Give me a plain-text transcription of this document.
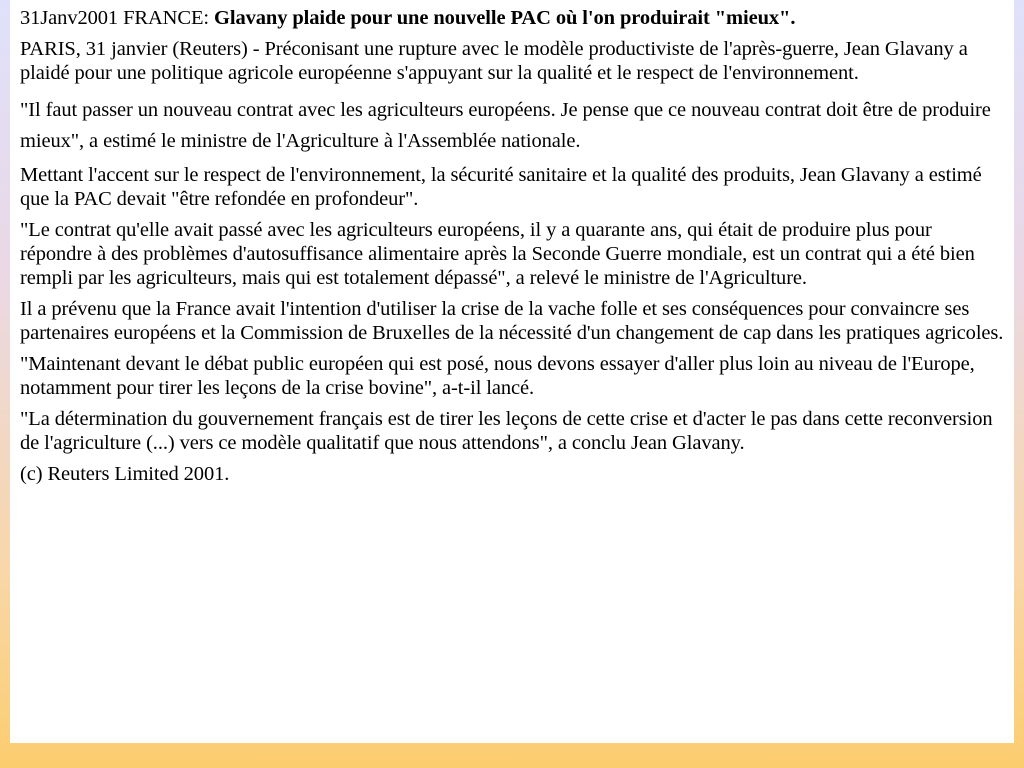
31Janv2001 FRANCE: Glavany plaide pour une nouvelle PAC où l'on produirait "mieux".

PARIS, 31 janvier (Reuters) - Préconisant une rupture avec le modèle productiviste de l'après-guerre, Jean Glavany a plaidé pour une politique agricole européenne s'appuyant sur la qualité et le respect de l'environnement.

"Il faut passer un nouveau contrat avec les agriculteurs européens. Je pense que ce nouveau contrat doit être de produire mieux", a estimé le ministre de l'Agriculture à l'Assemblée nationale.

Mettant l'accent sur le respect de l'environnement, la sécurité sanitaire et la qualité des produits, Jean Glavany a estimé que la PAC devait "être refondée en profondeur".

"Le contrat qu'elle avait passé avec les agriculteurs européens, il y a quarante ans, qui était de produire plus pour répondre à des problèmes d'autosuffisance alimentaire après la Seconde Guerre mondiale, est un contrat qui a été bien rempli par les agriculteurs, mais qui est totalement dépassé", a relevé le ministre de l'Agriculture.

Il a prévenu que la France avait l'intention d'utiliser la crise de la vache folle et ses conséquences pour convaincre ses partenaires européens et la Commission de Bruxelles de la nécessité d'un changement de cap dans les pratiques agricoles.

"Maintenant devant le débat public européen qui est posé, nous devons essayer d'aller plus loin au niveau de l'Europe, notamment pour tirer les leçons de la crise bovine", a-t-il lancé.

"La détermination du gouvernement français est de tirer les leçons de cette crise et d'acter le pas dans cette reconversion de l'agriculture (...) vers ce modèle qualitatif que nous attendons", a conclu Jean Glavany.

(c) Reuters Limited 2001.
